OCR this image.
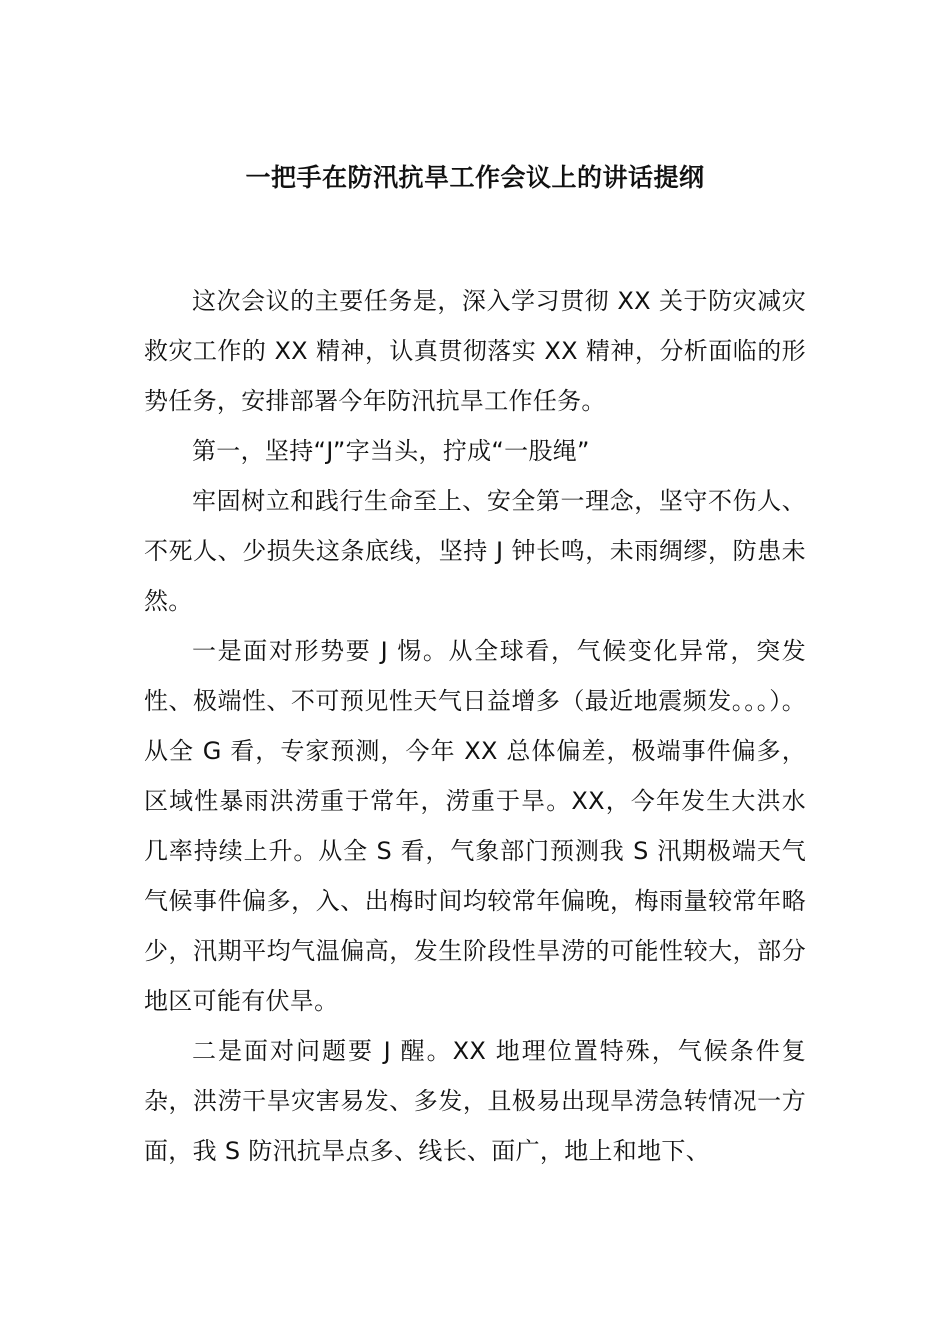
一把手在防汛抗旱工作会议上的讲话提纲

这次会议的主要任务是，深入学习贯彻 XX 关于防灾减灾救灾工作的 XX 精神，认真贯彻落实 XX 精神，分析面临的形势任务，安排部署今年防汛抗旱工作任务。

第一，坚持“J”字当头，拧成“一股绳”

牢固树立和践行生命至上、安全第一理念，坚守不伤人、不死人、少损失这条底线，坚持 J 钟长鸣，未雨绸缪，防患未然。

一是面对形势要 J 惕。从全球看，气候变化异常，突发性、极端性、不可预见性天气日益增多（最近地震频发。。。）。从全 G 看，专家预测，今年 XX 总体偏差，极端事件偏多，区域性暴雨洪涝重于常年，涝重于旱。XX，今年发生大洪水几率持续上升。从全 S 看，气象部门预测我 S 汛期极端天气气候事件偏多，入、出梅时间均较常年偏晚，梅雨量较常年略少，汛期平均气温偏高，发生阶段性旱涝的可能性较大，部分地区可能有伏旱。

二是面对问题要 J 醒。XX 地理位置特殊，气候条件复杂，洪涝干旱灾害易发、多发，且极易出现旱涝急转情况一方面，我 S 防汛抗旱点多、线长、面广，地上和地下、
